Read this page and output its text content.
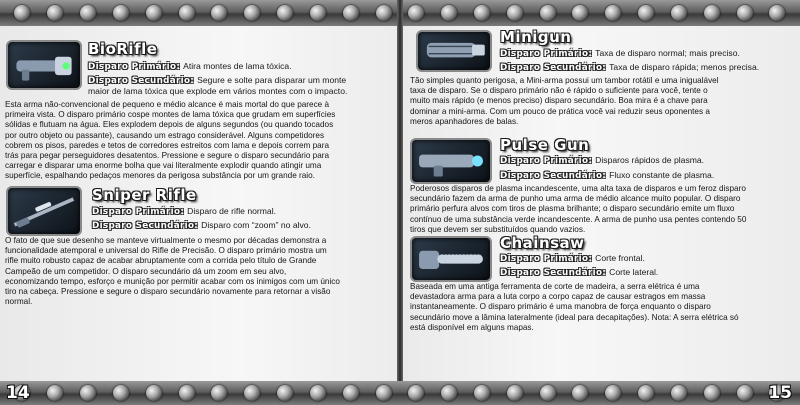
BioRifle
Disparo Primário: Atira montes de lama tóxica.
Disparo Secundário: Segure e solte para disparar um monte
maior de lama tóxica que explode em vários montes com o impacto.
Esta arma não-convencional de pequeno e médio alcance é mais mortal do que parece à
primeira vista. O disparo primário cospe montes de lama tóxica que grudam em superfícies
sólidas e flutuam na água. Eles explodem depois de alguns segundos (ou quando tocados
por outro objeto ou passante), causando um estrago considerável. Alguns competidores
cobrem os pisos, paredes e tetos de corredores estreitos com lama e depois correm para
trás para pegar perseguidores desatentos. Pressione e segure o disparo secundário para
carregar e disparar uma enorme bolha que vai literalmente explodir quando atingir uma
superfície, espalhando pedaços menores da perigosa substância por um grande raio.
Sniper Rifle
Disparo Primário: Disparo de rifle normal.
Disparo Secundário: Disparo com “zoom” no alvo.
O fato de que sue desenho se manteve virtualmente o mesmo por décadas demonstra a
funcionalidade atemporal e universal do Rifle de Precisão. O disparo primário mostra um
rifle muito robusto capaz de acabar abruptamente com a corrida pelo título de Grande
Campeão de um competidor. O disparo secundário dá um zoom em seu alvo,
economizando tempo, esforço e munição por permitir acabar com os inimigos com um único
tiro na cabeça. Pressione e segure o disparo secundário novamente para retornar a visão
normal.
Minigun
Disparo Primário: Taxa de disparo normal; mais preciso.
Disparo Secundário: Taxa de disparo rápida; menos precisa.
Tão simples quanto perigosa, a Mini-arma possui um tambor rotátil e uma inigualável
taxa de disparo. Se o disparo primário não é rápido o suficiente para você, tente o
muito mais rápido (e menos preciso) disparo secundário. Boa mira é a chave para
dominar a mini-arma. Com um pouco de prática você vai reduzir seus oponentes a
meros apanhadores de balas.
Pulse Gun
Disparo Primário: Disparos rápidos de plasma.
Disparo Secundário: Fluxo constante de plasma.
Poderosos disparos de plasma incandescente, uma alta taxa de disparos e um feroz disparo
secundário fazem da arma de punho uma arma de médio alcance muito popular. O disparo
primário perfura alvos com tiros de plasma brilhante; o disparo secundário emite um fluxo
contínuo de uma substância verde incandescente. A arma de punho usa pentes contendo 50
tiros que devem ser substituídos quando vazios.
Chainsaw
Disparo Primário: Corte frontal.
Disparo Secundário: Corte lateral.
Baseada em uma antiga ferramenta de corte de madeira, a serra elétrica é uma
devastadora arma para a luta corpo a corpo capaz de causar estragos em massa
instantaneamente. O disparo primário é uma manobra de força enquanto o disparo
secundário move a lâmina lateralmente (ideal para decapitações). Nota: A serra elétrica só
está disponível em alguns mapas.
14	15
